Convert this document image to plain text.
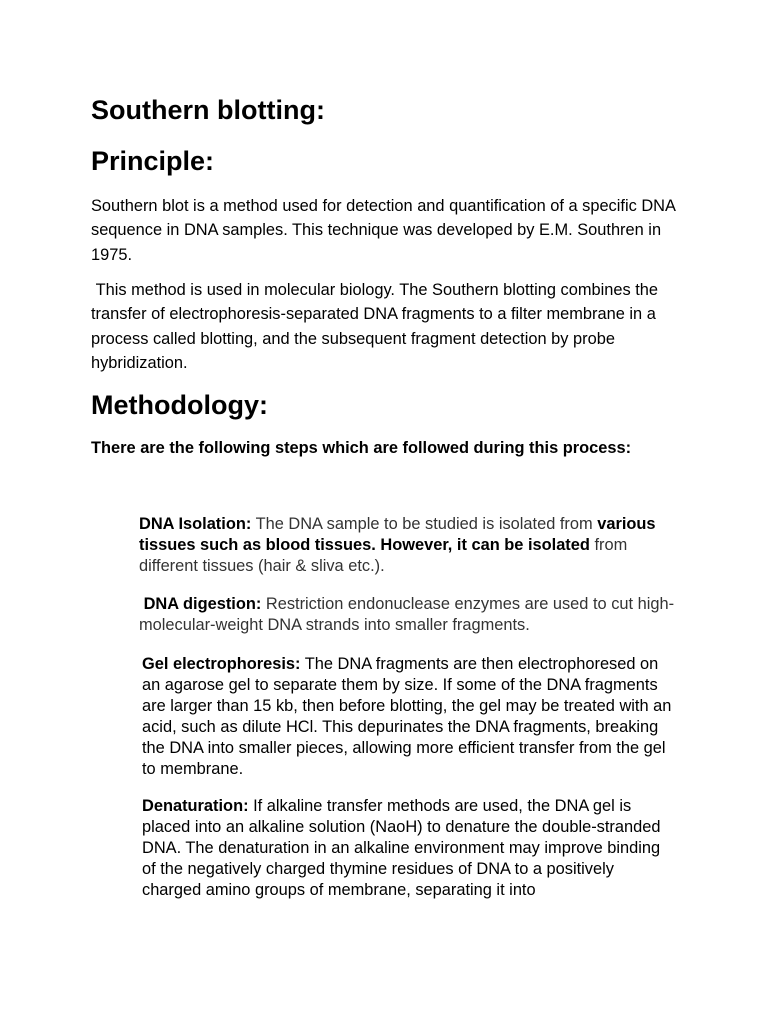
Southern blotting:
Principle:

Southern blot is a method used for detection and quantification of a specific DNA sequence in DNA samples. This technique was developed by E.M. Southren in 1975.

This method is used in molecular biology. The Southern blotting combines the transfer of electrophoresis-separated DNA fragments to a filter membrane in a process called blotting, and the subsequent fragment detection by probe hybridization.

Methodology:

There are the following steps which are followed during this process:

DNA Isolation: The DNA sample to be studied is isolated from various tissues such as blood tissues. However, it can be isolated from different tissues (hair & sliva etc.).

DNA digestion: Restriction endonuclease enzymes are used to cut high-molecular-weight DNA strands into smaller fragments.

Gel electrophoresis: The DNA fragments are then electrophoresed on an agarose gel to separate them by size. If some of the DNA fragments are larger than 15 kb, then before blotting, the gel may be treated with an acid, such as dilute HCl. This depurinates the DNA fragments, breaking the DNA into smaller pieces, allowing more efficient transfer from the gel to membrane.

Denaturation: If alkaline transfer methods are used, the DNA gel is placed into an alkaline solution (NaoH) to denature the double-stranded DNA. The denaturation in an alkaline environment may improve binding of the negatively charged thymine residues of DNA to a positively charged amino groups of membrane, separating it into
